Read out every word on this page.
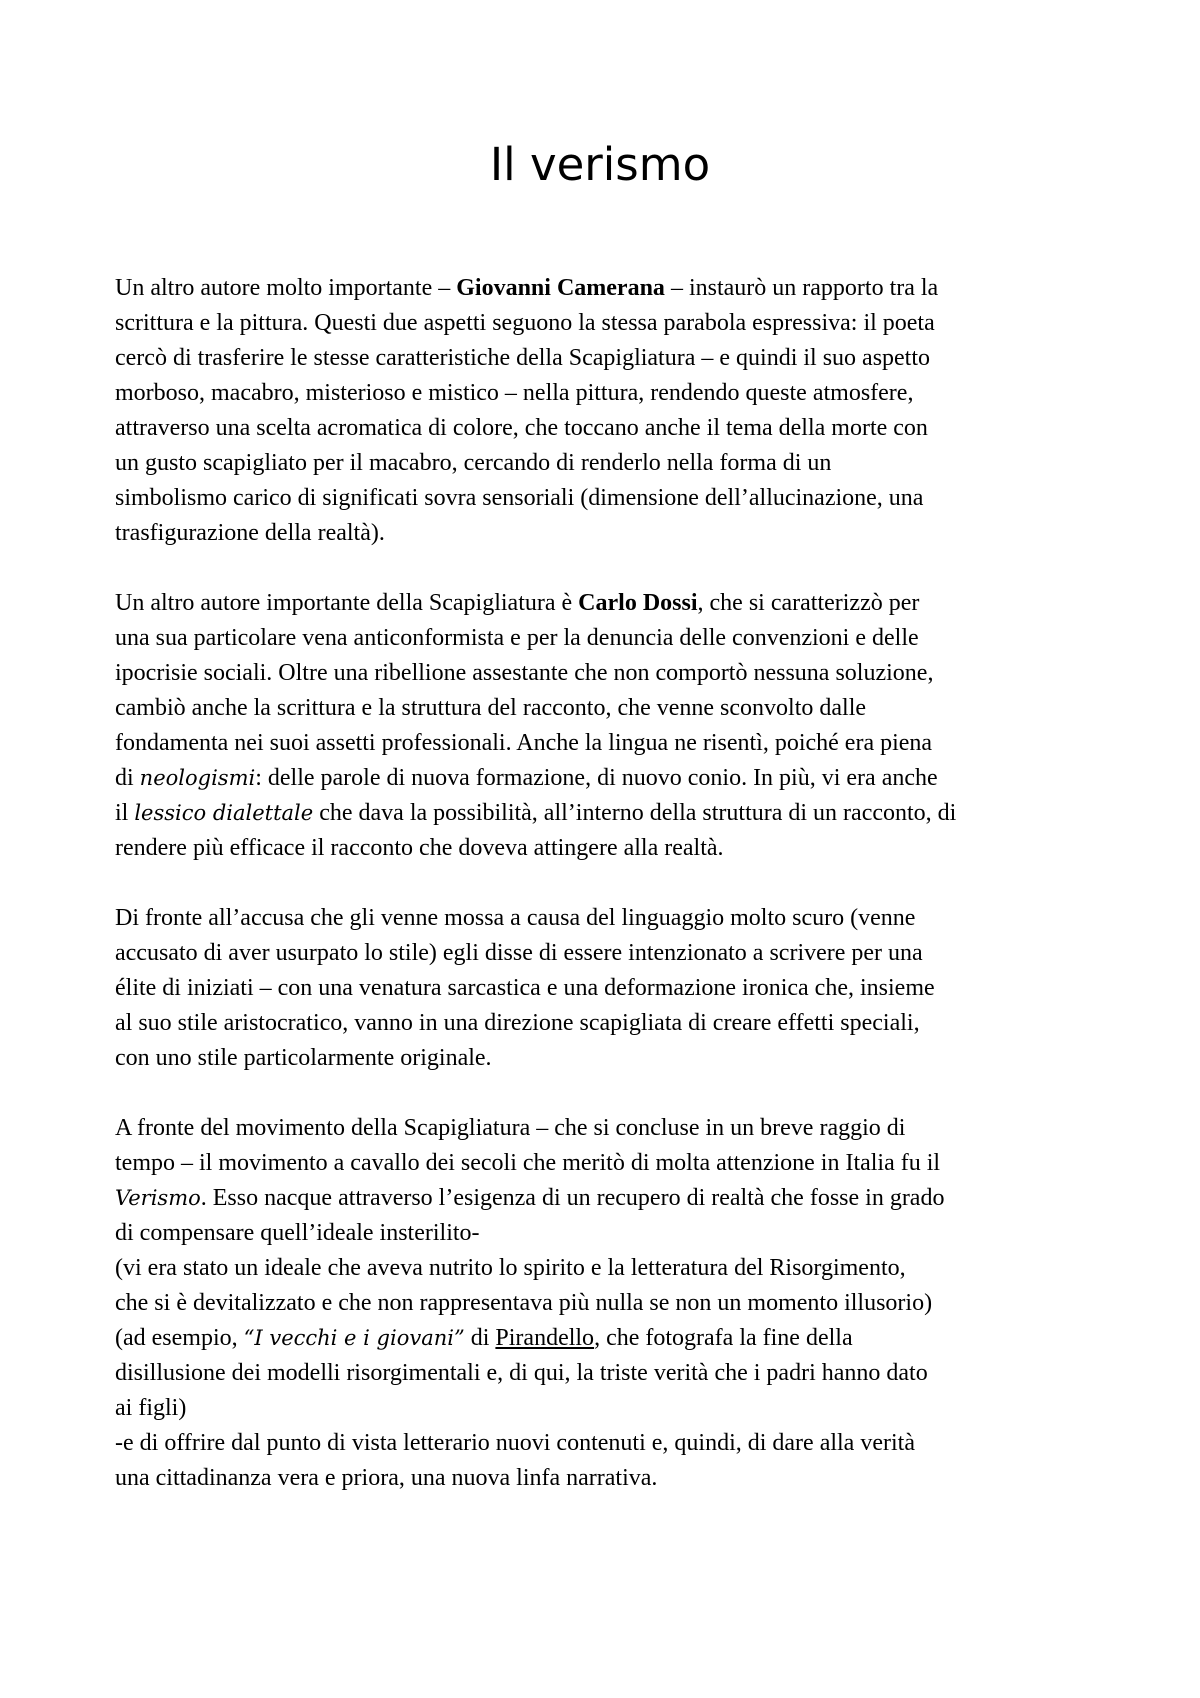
Il verismo

Un altro autore molto importante – Giovanni Camerana – instaurò un rapporto tra la
scrittura e la pittura. Questi due aspetti seguono la stessa parabola espressiva: il poeta
cercò di trasferire le stesse caratteristiche della Scapigliatura – e quindi il suo aspetto
morboso, macabro, misterioso e mistico – nella pittura, rendendo queste atmosfere,
attraverso una scelta acromatica di colore, che toccano anche il tema della morte con
un gusto scapigliato per il macabro, cercando di renderlo nella forma di un
simbolismo carico di significati sovra sensoriali (dimensione dell’allucinazione, una
trasfigurazione della realtà).

Un altro autore importante della Scapigliatura è Carlo Dossi, che si caratterizzò per
una sua particolare vena anticonformista e per la denuncia delle convenzioni e delle
ipocrisie sociali. Oltre una ribellione assestante che non comportò nessuna soluzione,
cambiò anche la scrittura e la struttura del racconto, che venne sconvolto dalle
fondamenta nei suoi assetti professionali. Anche la lingua ne risentì, poiché era piena
di neologismi: delle parole di nuova formazione, di nuovo conio. In più, vi era anche
il lessico dialettale che dava la possibilità, all’interno della struttura di un racconto, di
rendere più efficace il racconto che doveva attingere alla realtà.

Di fronte all’accusa che gli venne mossa a causa del linguaggio molto scuro (venne
accusato di aver usurpato lo stile) egli disse di essere intenzionato a scrivere per una
élite di iniziati – con una venatura sarcastica e una deformazione ironica che, insieme
al suo stile aristocratico, vanno in una direzione scapigliata di creare effetti speciali,
con uno stile particolarmente originale.

A fronte del movimento della Scapigliatura – che si concluse in un breve raggio di
tempo – il movimento a cavallo dei secoli che meritò di molta attenzione in Italia fu il
Verismo. Esso nacque attraverso l’esigenza di un recupero di realtà che fosse in grado
di compensare quell’ideale insterilito-
(vi era stato un ideale che aveva nutrito lo spirito e la letteratura del Risorgimento,
che si è devitalizzato e che non rappresentava più nulla se non un momento illusorio)
(ad esempio, “I vecchi e i giovani” di Pirandello, che fotografa la fine della
disillusione dei modelli risorgimentali e, di qui, la triste verità che i padri hanno dato
ai figli)
-e di offrire dal punto di vista letterario nuovi contenuti e, quindi, di dare alla verità
una cittadinanza vera e priora, una nuova linfa narrativa.
